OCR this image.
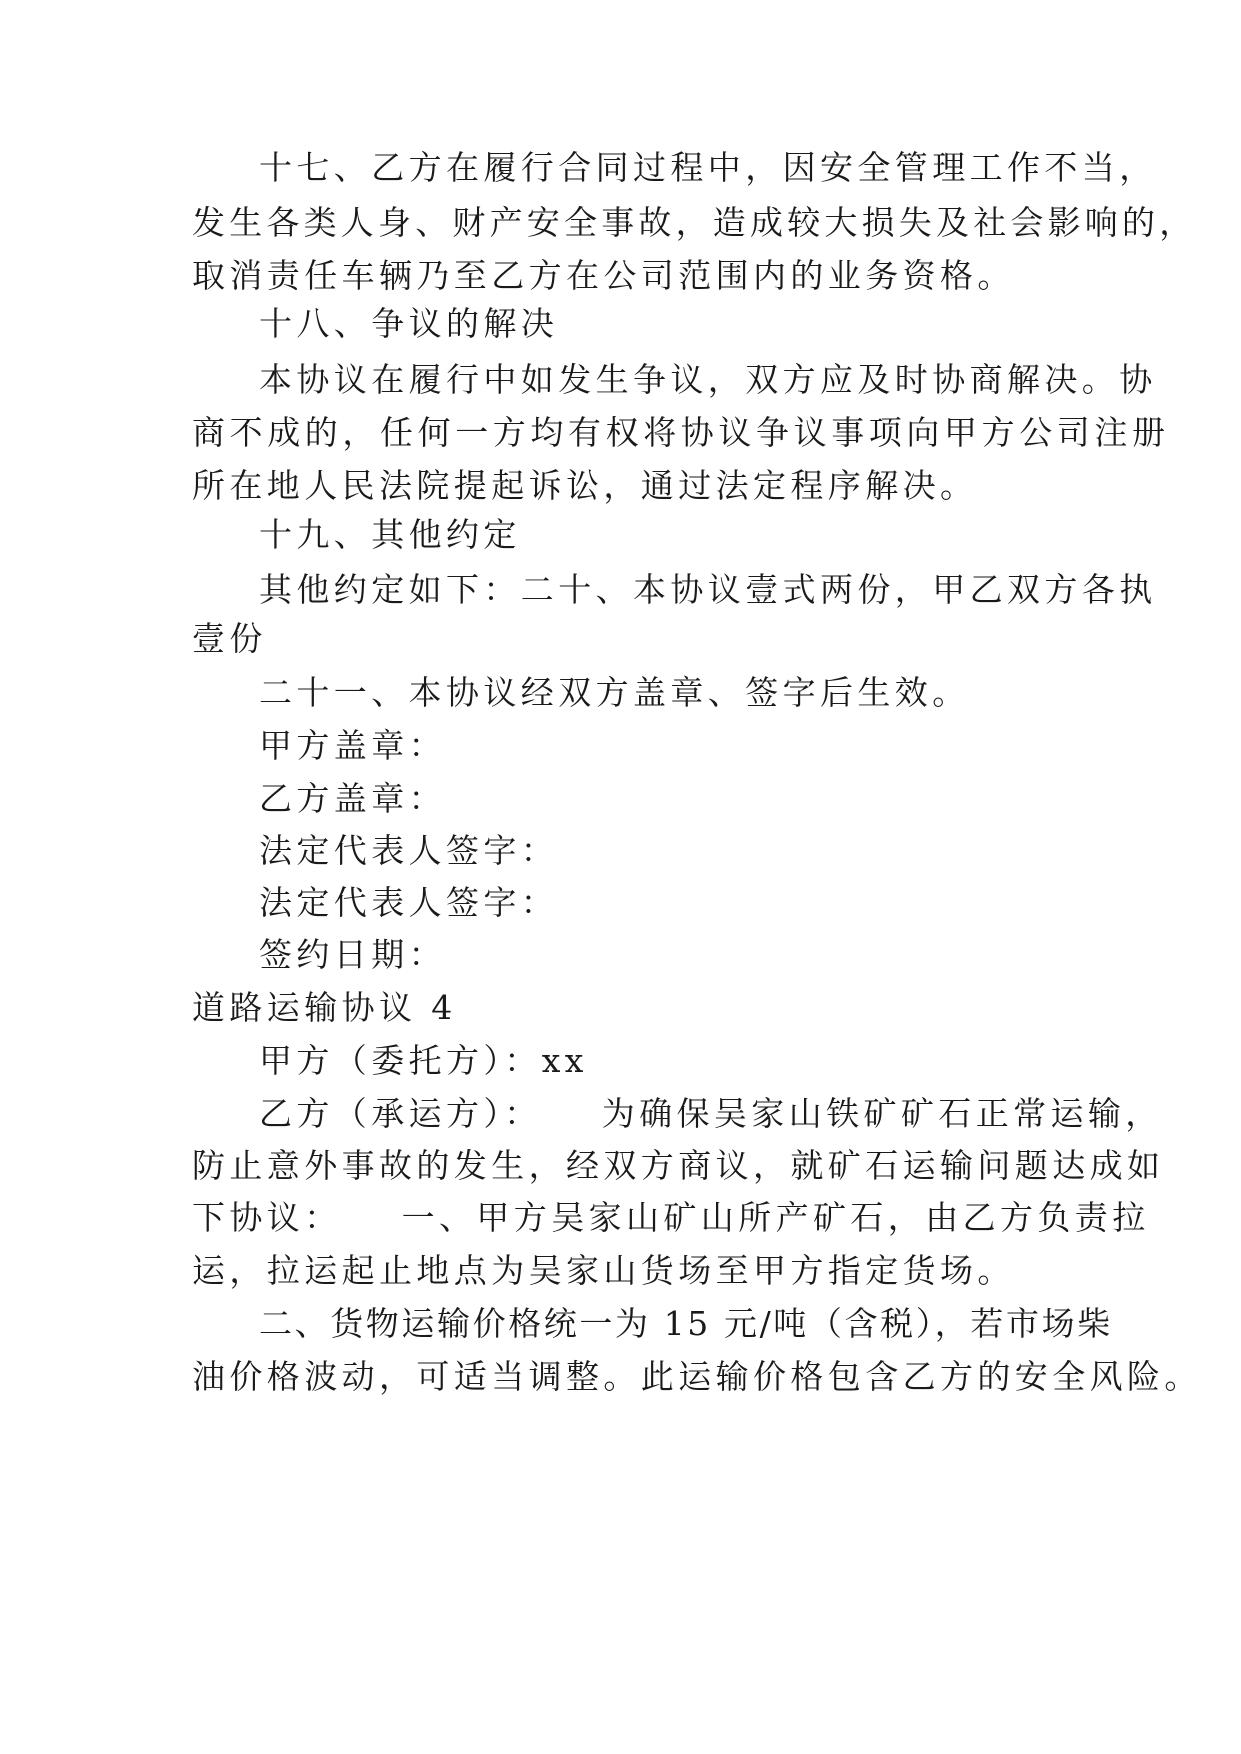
十七、乙方在履行合同过程中，因安全管理工作不当，

发生各类人身、财产安全事故，造成较大损失及社会影响的，

取消责任车辆乃至乙方在公司范围内的业务资格。

十八、争议的解决

本协议在履行中如发生争议，双方应及时协商解决。协

商不成的，任何一方均有权将协议争议事项向甲方公司注册

所在地人民法院提起诉讼，通过法定程序解决。

十九、其他约定

其他约定如下：二十、本协议壹式两份，甲乙双方各执

壹份

二十一、本协议经双方盖章、签字后生效。

甲方盖章：

乙方盖章：

法定代表人签字：

法定代表人签字：

签约日期：

道路运输协议 4

甲方（委托方）：xx

乙方（承运方）： 为确保吴家山铁矿矿石正常运输，

防止意外事故的发生，经双方商议，就矿石运输问题达成如

下协议： 一、甲方吴家山矿山所产矿石，由乙方负责拉

运，拉运起止地点为吴家山货场至甲方指定货场。

二、货物运输价格统一为 15 元/吨（含税），若市场柴

油价格波动，可适当调整。此运输价格包含乙方的安全风险。
